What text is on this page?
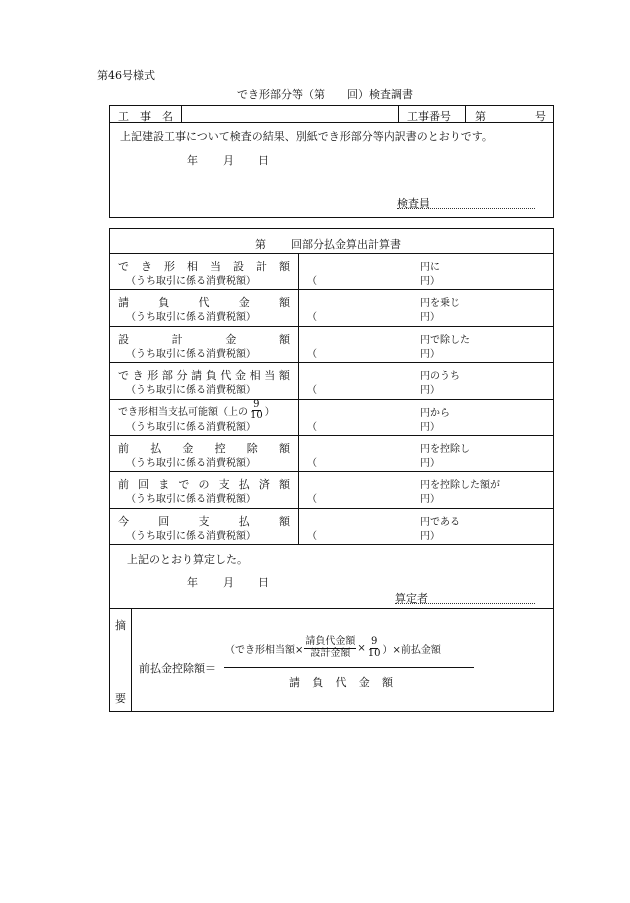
第46号様式
でき形部分等（第　　回）検査調書
工　事　名	工事番号 第	号
上記建設工事について検査の結果、別紙でき形部分等内訳書のとおりです。
年 月 日
検査員
第 回部分払金算出計算書
で き 形 相 当 設 計 額
（うち取引に係る消費税額）	（
円に
円）
請	負	代	金	額
（うち取引に係る消費税額）	（
円を乗じ
円）
設	計	金	額
（うち取引に係る消費税額）	（
円で除した
円）
で き 形 部 分 請 負 代 金 相 当 額
（うち取引に係る消費税額）	（
円のうち
円）
でき形相当支払可能額（上の $\frac{9}{10}$ ）
（うち取引に係る消費税額）	（
円から
円）
前 払 金 控 除 額
（うち取引に係る消費税額）	（
円を控除し
円）
前 回 ま で の 支 払 済 額
（うち取引に係る消費税額）	（
円を控除した額が
円）
今	回	支	払	額
（うち取引に係る消費税額）	（
円である
円）
上記のとおり算定した。
年 月 日
算定者
摘
要
前払金控除額＝
（でき形相当額× $\frac{\text{請負代金額}}{\text{設計金額}} \times \frac{9}{10}$ ）×前払金額
請 負 代 金 額
